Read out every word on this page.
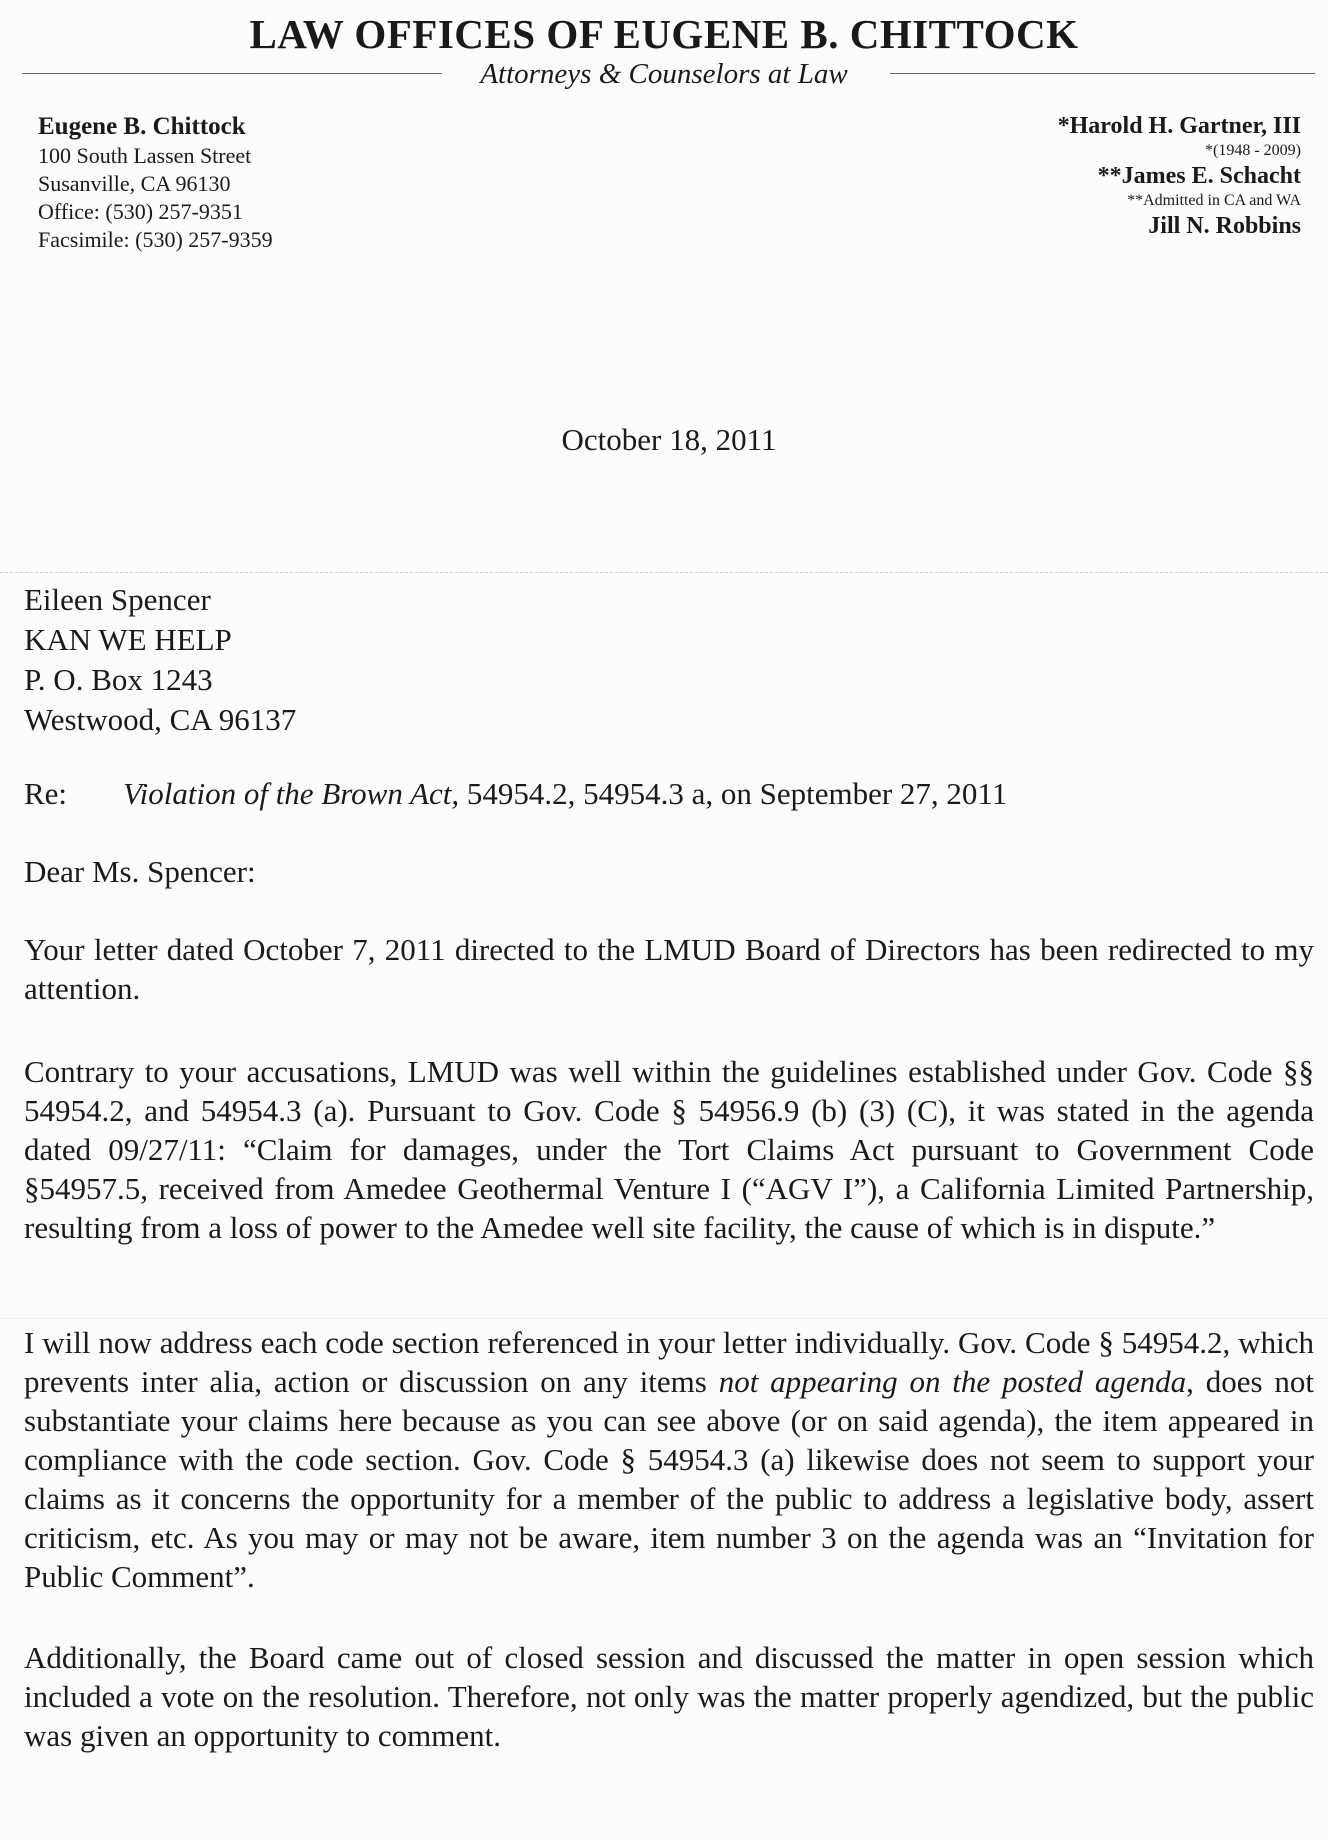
LAW OFFICES OF EUGENE B. CHITTOCK
Attorneys & Counselors at Law
Eugene B. Chittock
100 South Lassen Street
Susanville, CA 96130
Office: (530) 257-9351
Facsimile: (530) 257-9359
*Harold H. Gartner, III
*(1948 - 2009)
**James E. Schacht
**Admitted in CA and WA
Jill N. Robbins
October 18, 2011
Eileen Spencer
KAN WE HELP
P. O. Box 1243
Westwood, CA 96137
Re: Violation of the Brown Act, 54954.2, 54954.3 a, on September 27, 2011
Dear Ms. Spencer:
Your letter dated October 7, 2011 directed to the LMUD Board of Directors has been redirected to my attention.
Contrary to your accusations, LMUD was well within the guidelines established under Gov. Code §§ 54954.2, and 54954.3 (a). Pursuant to Gov. Code § 54956.9 (b) (3) (C), it was stated in the agenda dated 09/27/11: “Claim for damages, under the Tort Claims Act pursuant to Government Code §54957.5, received from Amedee Geothermal Venture I (“AGV I”), a California Limited Partnership, resulting from a loss of power to the Amedee well site facility, the cause of which is in dispute.”
I will now address each code section referenced in your letter individually. Gov. Code § 54954.2, which prevents inter alia, action or discussion on any items not appearing on the posted agenda, does not substantiate your claims here because as you can see above (or on said agenda), the item appeared in compliance with the code section. Gov. Code § 54954.3 (a) likewise does not seem to support your claims as it concerns the opportunity for a member of the public to address a legislative body, assert criticism, etc. As you may or may not be aware, item number 3 on the agenda was an “Invitation for Public Comment”.
Additionally, the Board came out of closed session and discussed the matter in open session which included a vote on the resolution. Therefore, not only was the matter properly agendized, but the public was given an opportunity to comment.
